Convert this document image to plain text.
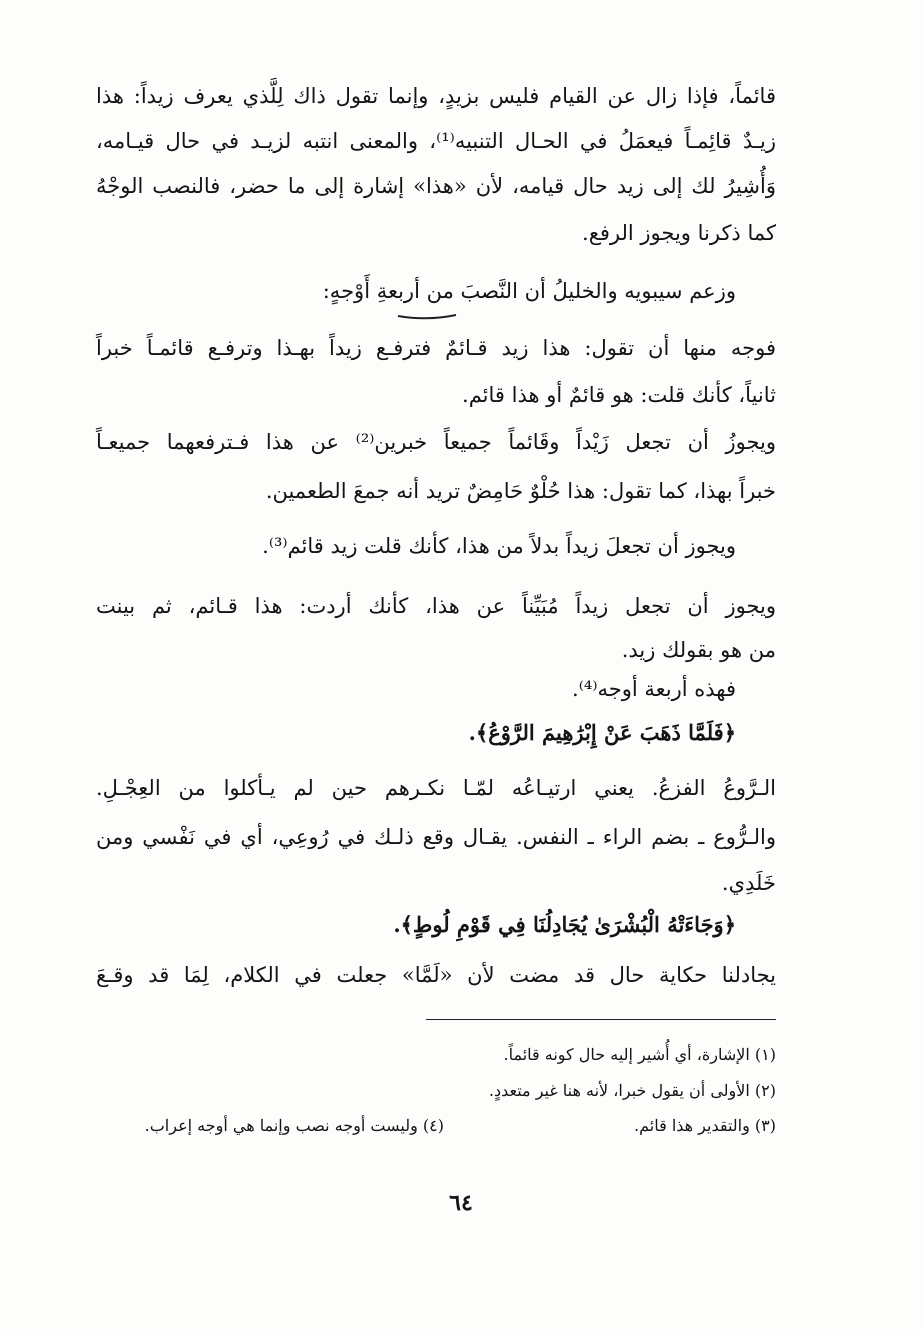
قائماً، فإذا زال عن القيام فليس بزيدٍ، وإنما تقول ذاك لِلَّذي يعرف زيداً: هذا
زيـدٌ قائِمـاً فيعمَلُ في الحـال التنبيه⁽¹⁾، والمعنى انتبه لزيـد في حال قيـامه،
وَأُشِيرُ لك إلى زيد حال قيامه، لأن «هذا» إشارة إلى ما حضر، فالنصب الوجْهُ
كما ذكرنا ويجوز الرفع.
وزعم سيبويه والخليلُ أن النَّصبَ من أربعةِ أَوْجهٍ:
فوجه منها أن تقول: هذا زيد قـائمٌ فترفـع زيداً بهـذا وترفـع قائمـاً خبراً
ثانياً، كأنك قلت: هو قائمٌ أو هذا قائم.
ويجوزُ أن تجعل زَيْداً وقَائماً جميعاً خبرين⁽²⁾ عن هذا فـترفعهما جميعـاً
خبراً بهذا، كما تقول: هذا حُلْوٌ حَامِضٌ تريد أنه جمعَ الطعمين.
ويجوز أن تجعلَ زيداً بدلاً من هذا، كأنك قلت زيد قائم⁽³⁾.
ويجوز أن تجعل زيداً مُبَيِّناً عن هذا، كأنك أردت: هذا قـائم، ثم بينت
من هو بقولك زيد.
فهذه أربعة أوجه⁽⁴⁾.
﴿فَلَمَّا ذَهَبَ عَنْ إِبْرَٰهِيمَ الرَّوْعُ﴾.
الـرَّوعُ الفزعُ. يعني ارتيـاعُه لمّـا نكـرهم حين لم يـأكلوا من العِجْـلِ.
والـرُّوع ـ بضم الراء ـ النفس. يقـال وقع ذلـك في رُوعِي، أي في نَفْسي ومن
خَلَدِي.
﴿وَجَاءَتْهُ الْبُشْرَىٰ يُجَادِلُنَا فِي قَوْمِ لُوطٍ﴾.
يجادلنا حكاية حال قد مضت لأن «لَمَّا» جعلت في الكلام، لِمَا قد وقـعَ
(١) الإشارة، أي أُشير إليه حال كونه قائماً.
(٢) الأولى أن يقول خبرا، لأنه هنا غير متعددٍ.
(٣) والتقدير هذا قائم.
(٤) وليست أوجه نصب وإنما هي أوجه إعراب.
٦٤
